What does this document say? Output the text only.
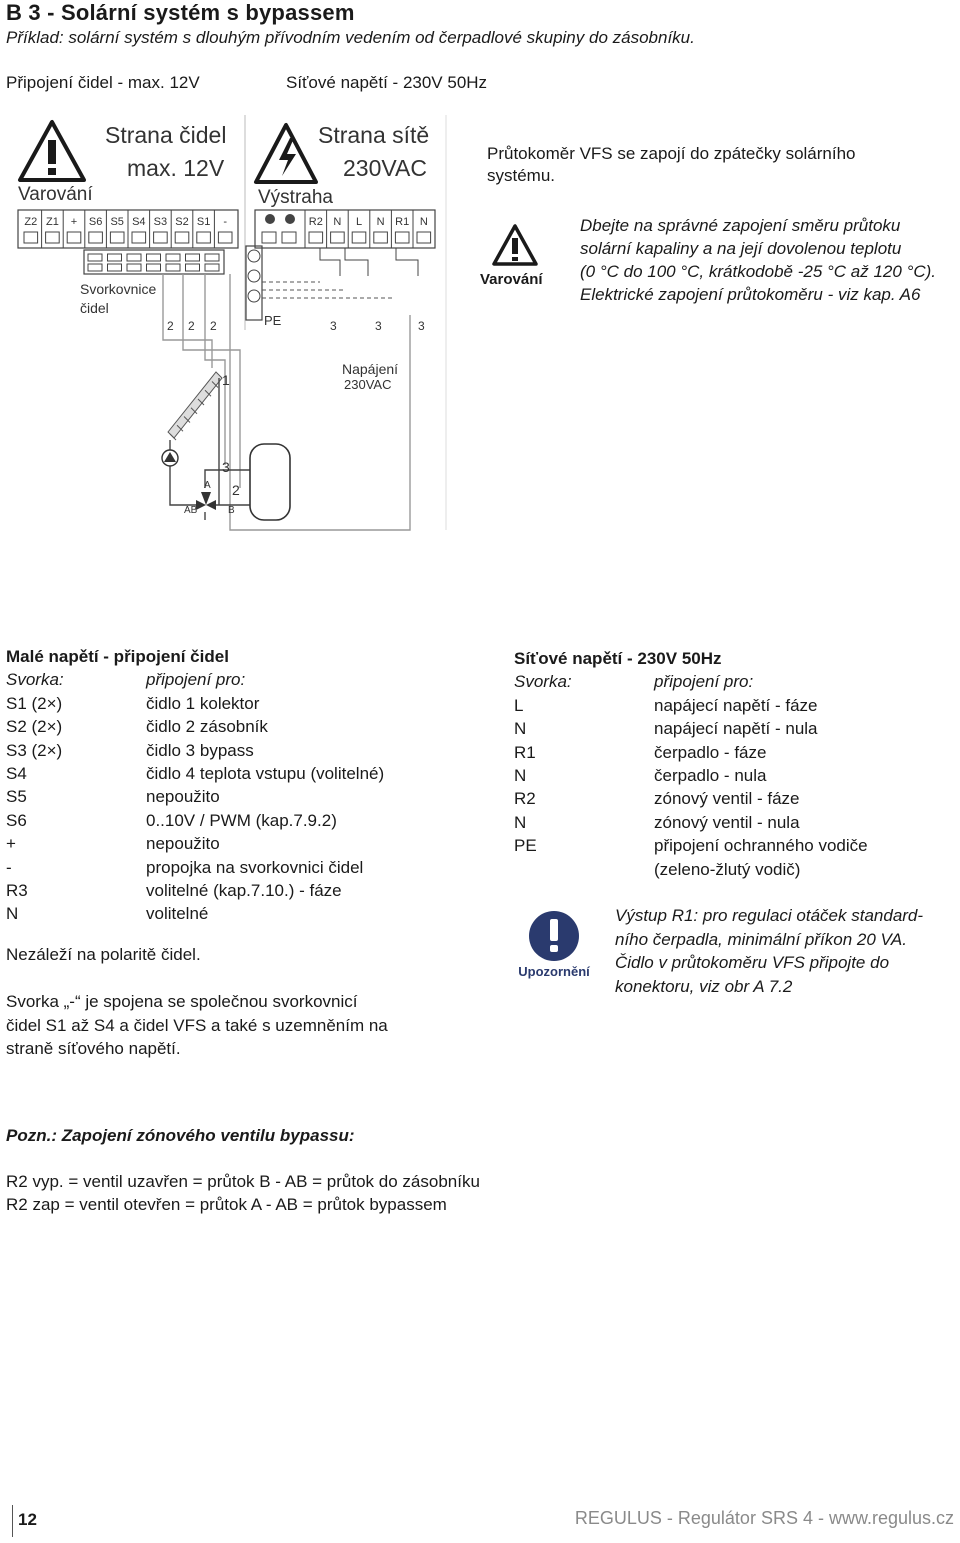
B 3 - Solární systém s bypassem
Příklad: solární systém s dlouhým přívodním vedením od čerpadlové skupiny do zásobníku.
Připojení čidel - max. 12V	Síťové napětí - 230V 50Hz
Varování
Strana čidel
max. 12V
Výstraha
Strana sítě
230VAC
Z2 Z1 + S6 S5 S4 S3 S2 S1 -	R2 N L N R1 N
Svorkovnice
čidel
PE
2 2 2	3	3	3
Napájení
230VAC
1
3
2
A
AB	B
Průtokoměr VFS se zapojí do zpátečky solárního systému.
Varování
Dbejte na správné zapojení směru průtoku
solární kapaliny a na její dovolenou teplotu
(0 °C do 100 °C, krátkodobě -25 °C až 120 °C).
Elektrické zapojení průtokoměru - viz kap. A6
Malé napětí - připojení čidel
Svorka:	připojení pro:
S1 (2×)	čidlo 1 kolektor
S2 (2×)	čidlo 2 zásobník
S3 (2×)	čidlo 3 bypass
S4	čidlo 4 teplota vstupu (volitelné)
S5	nepoužito
S6	0..10V / PWM (kap.7.9.2)
+	nepoužito
-	propojka na svorkovnici čidel
R3	volitelné (kap.7.10.) - fáze
N	volitelné
Nezáleží na polaritě čidel.
Svorka „-“ je spojena se společnou svorkovnicí
čidel S1 až S4 a čidel VFS a také s uzemněním na
straně síťového napětí.
Síťové napětí - 230V 50Hz
Svorka:	připojení pro:
L	napájecí napětí - fáze
N	napájecí napětí - nula
R1	čerpadlo - fáze
N	čerpadlo - nula
R2	zónový ventil - fáze
N	zónový ventil - nula
PE	připojení ochranného vodiče
(zeleno-žlutý vodič)
Upozornění
Výstup R1: pro regulaci otáček standard-
ního čerpadla, minimální příkon 20 VA.
Čidlo v průtokoměru VFS připojte do
konektoru, viz obr A 7.2
Pozn.: Zapojení zónového ventilu bypassu:
R2 vyp. = ventil uzavřen = průtok B - AB = průtok do zásobníku
R2 zap = ventil otevřen = průtok A - AB = průtok bypassem
12	REGULUS - Regulátor SRS 4 - www.regulus.cz
